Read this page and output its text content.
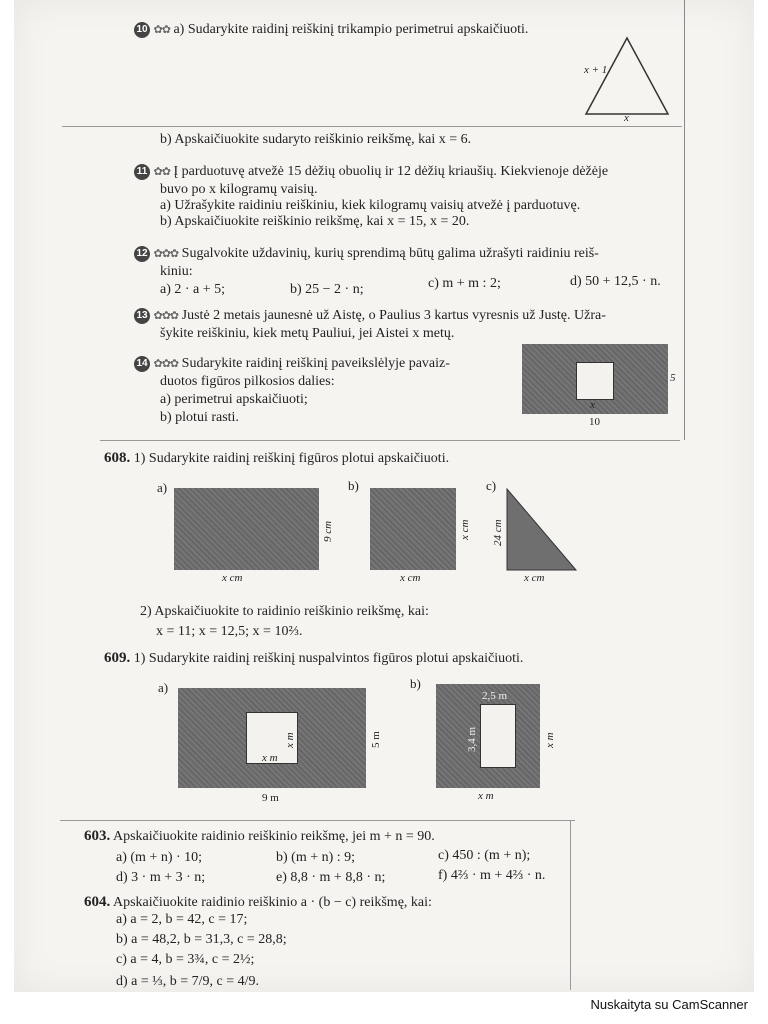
10 ✿✿ a) Sudarykite raidinį reiškinį trikampio perimetrui apskaičiuoti.
x + 1
x
b) Apskaičiuokite sudaryto reiškinio reikšmę, kai x = 6.
11 ✿✿ Į parduotuvę atvežė 15 dėžių obuolių ir 12 dėžių kriaušių. Kiekvienoje dėžėje
buvo po x kilogramų vaisių.
a) Užrašykite raidiniu reiškiniu, kiek kilogramų vaisių atvežė į parduotuvę.
b) Apskaičiuokite reiškinio reikšmę, kai x = 15, x = 20.
12 ✿✿✿ Sugalvokite uždavinių, kurių sprendimą būtų galima užrašyti raidiniu reiš-
kiniu:
a) 2 · a + 5;	b) 25 − 2 · n;	c) m + m : 2;	d) 50 + 12,5 · n.
13 ✿✿✿ Justė 2 metais jaunesnė už Aistę, o Paulius 3 kartus vyresnis už Justę. Užra-
šykite reiškiniu, kiek metų Pauliui, jei Aistei x metų.
14 ✿✿✿ Sudarykite raidinį reiškinį paveikslėlyje pavaiz-
duotos figūros pilkosios dalies:
a) perimetrui apskaičiuoti;
b) plotui rasti.
5
10
x
608. 1) Sudarykite raidinį reiškinį figūros plotui apskaičiuoti.
a)
x cm
9 cm
b)
x cm
x cm
c)
x cm
24 cm
2) Apskaičiuokite to raidinio reiškinio reikšmę, kai:
x = 11; x = 12,5; x = 10⅔.
609. 1) Sudarykite raidinį reiškinį nuspalvintos figūros plotui apskaičiuoti.
a)
x m
x m
9 m
5 m
b)
2,5 m
3,4 m
x m
x m
603. Apskaičiuokite raidinio reiškinio reikšmę, jei m + n = 90.
a) (m + n) · 10;	b) (m + n) : 9;	c) 450 : (m + n);
d) 3 · m + 3 · n;	e) 8,8 · m + 8,8 · n;	f) 4⅔ · m + 4⅔ · n.
604. Apskaičiuokite raidinio reiškinio a · (b − c) reikšmę, kai:
a) a = 2, b = 42, c = 17;
b) a = 48,2, b = 31,3, c = 28,8;
c) a = 4, b = 3¾, c = 2½;
d) a = ⅓, b = 7/9, c = 4/9.
Nuskaityta su CamScanner
